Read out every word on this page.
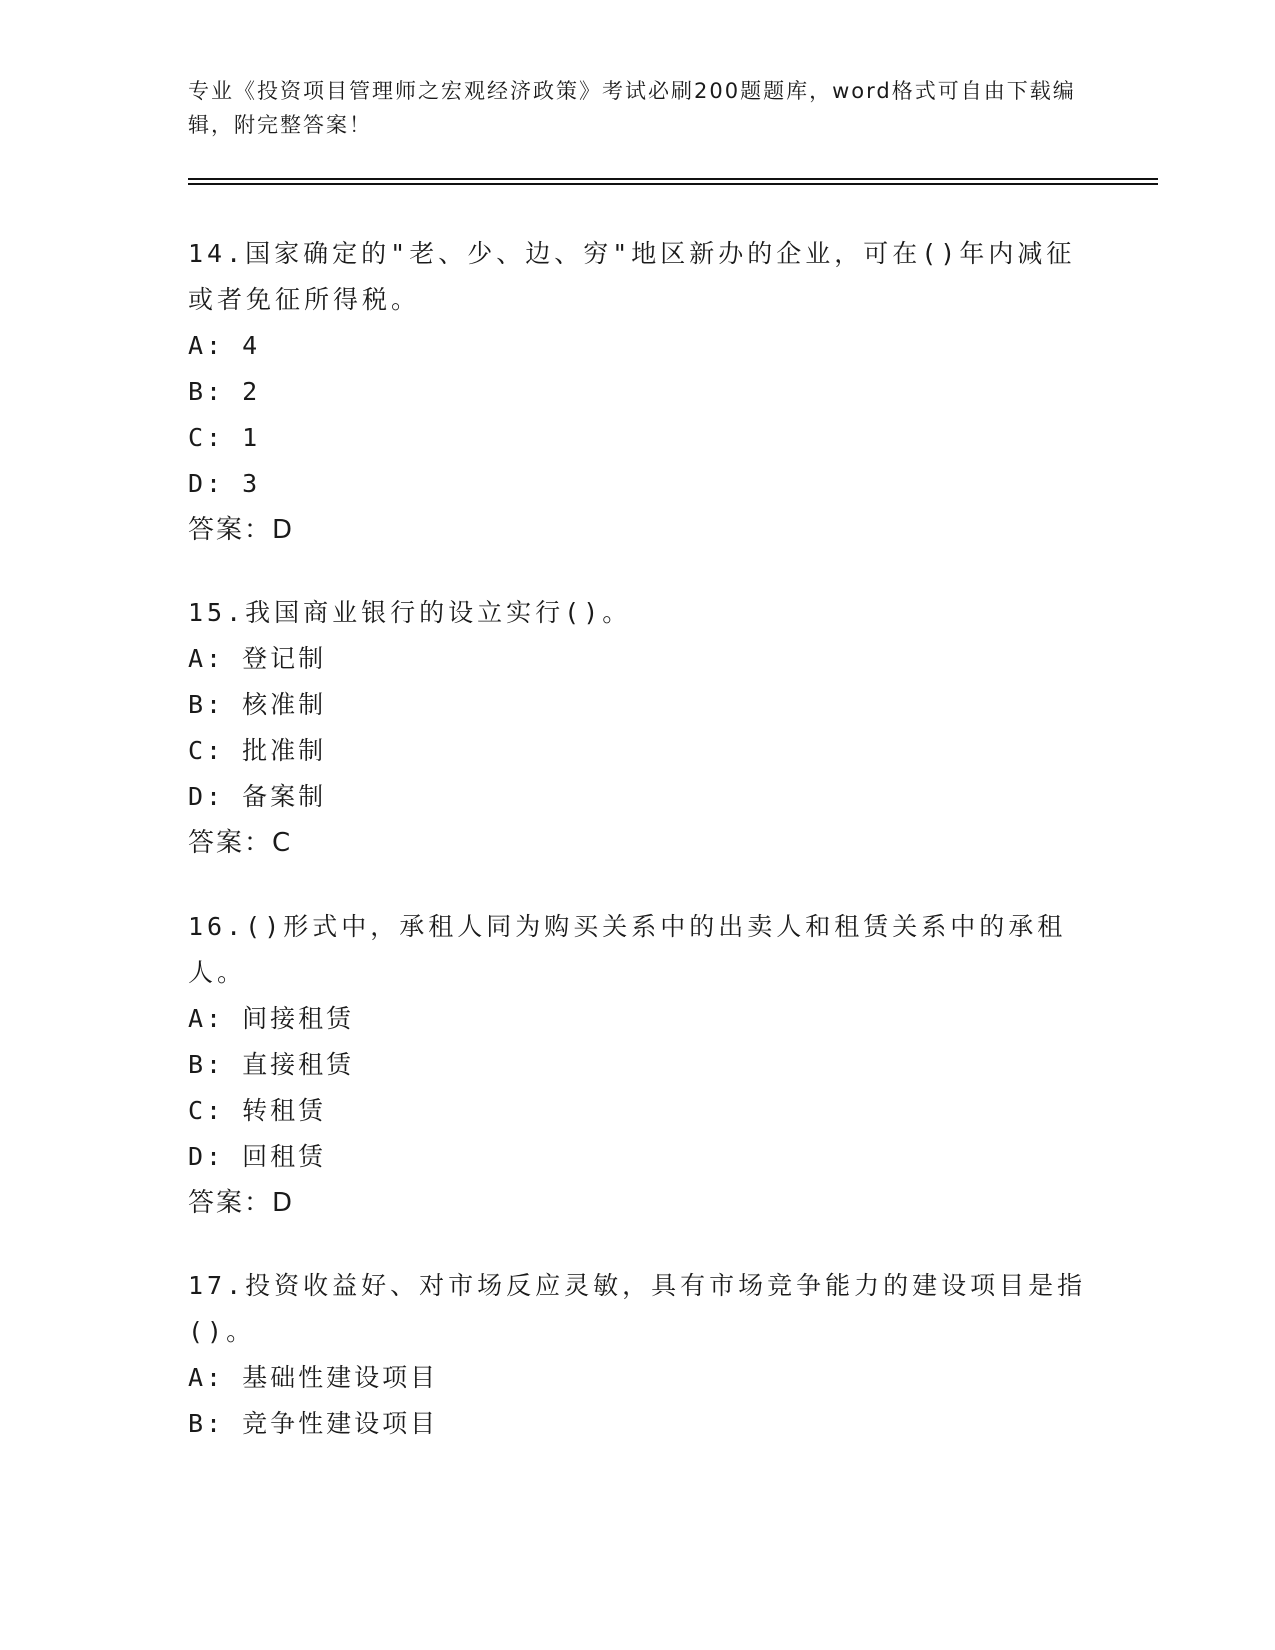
专业《投资项目管理师之宏观经济政策》考试必刷200题题库，word格式可自由下载编辑，附完整答案！

14.国家确定的"老、少、边、穷"地区新办的企业，可在()年内减征或者免征所得税。

A: 4
B: 2
C: 1
D: 3
答案：D

15.我国商业银行的设立实行()。

A: 登记制
B: 核准制
C: 批准制
D: 备案制
答案：C

16.()形式中，承租人同为购买关系中的出卖人和租赁关系中的承租人。

A: 间接租赁
B: 直接租赁
C: 转租赁
D: 回租赁
答案：D

17.投资收益好、对市场反应灵敏，具有市场竞争能力的建设项目是指()。

A: 基础性建设项目
B: 竞争性建设项目
